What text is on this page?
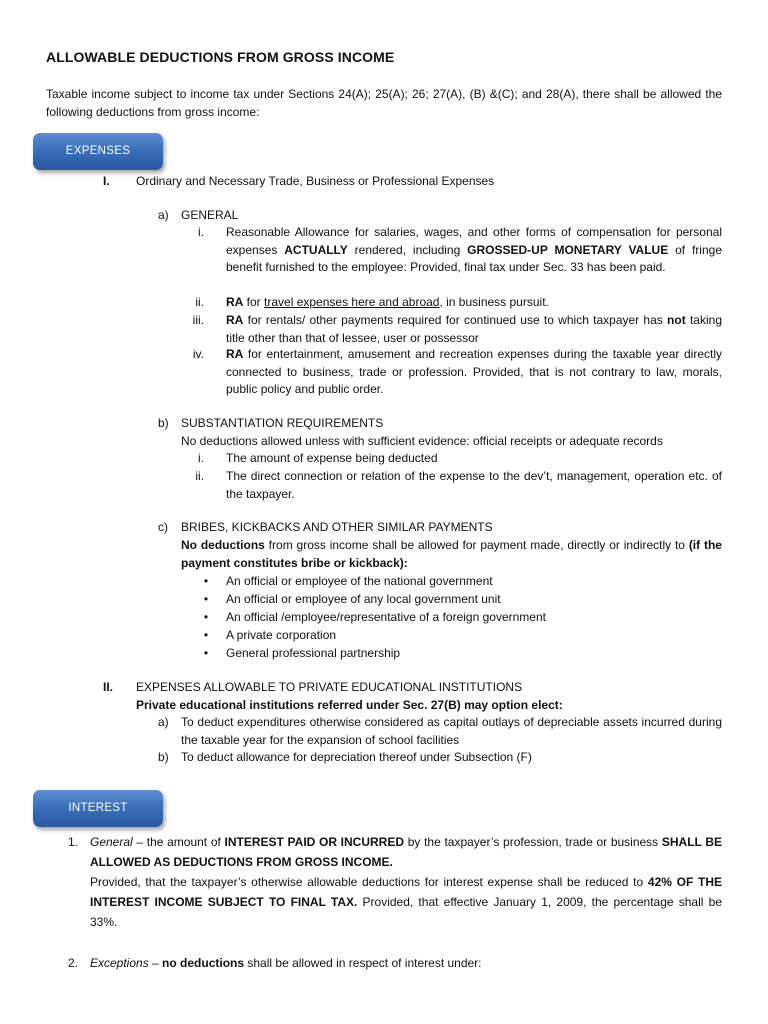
ALLOWABLE DEDUCTIONS FROM GROSS INCOME
Taxable income subject to income tax under Sections 24(A); 25(A); 26; 27(A), (B) &(C); and 28(A), there shall be allowed the following deductions from gross income:
EXPENSES
I. Ordinary and Necessary Trade, Business or Professional Expenses
a) GENERAL
i. Reasonable Allowance for salaries, wages, and other forms of compensation for personal expenses ACTUALLY rendered, including GROSSED-UP MONETARY VALUE of fringe benefit furnished to the employee: Provided, final tax under Sec. 33 has been paid.
ii. RA for travel expenses here and abroad, in business pursuit.
iii. RA for rentals/ other payments required for continued use to which taxpayer has not taking title other than that of lessee, user or possessor
iv. RA for entertainment, amusement and recreation expenses during the taxable year directly connected to business, trade or profession. Provided, that is not contrary to law, morals, public policy and public order.
b) SUBSTANTIATION REQUIREMENTS
No deductions allowed unless with sufficient evidence: official receipts or adequate records
i. The amount of expense being deducted
ii. The direct connection or relation of the expense to the dev’t, management, operation etc. of the taxpayer.
c) BRIBES, KICKBACKS AND OTHER SIMILAR PAYMENTS
No deductions from gross income shall be allowed for payment made, directly or indirectly to (if the payment constitutes bribe or kickback):
• An official or employee of the national government
• An official or employee of any local government unit
• An official /employee/representative of a foreign government
• A private corporation
• General professional partnership
II. EXPENSES ALLOWABLE TO PRIVATE EDUCATIONAL INSTITUTIONS
Private educational institutions referred under Sec. 27(B) may option elect:
a) To deduct expenditures otherwise considered as capital outlays of depreciable assets incurred during the taxable year for the expansion of school facilities
b) To deduct allowance for depreciation thereof under Subsection (F)
INTEREST
1. General – the amount of INTEREST PAID OR INCURRED by the taxpayer’s profession, trade or business SHALL BE ALLOWED AS DEDUCTIONS FROM GROSS INCOME.
Provided, that the taxpayer’s otherwise allowable deductions for interest expense shall be reduced to 42% OF THE INTEREST INCOME SUBJECT TO FINAL TAX. Provided, that effective January 1, 2009, the percentage shall be 33%.
2. Exceptions – no deductions shall be allowed in respect of interest under:
